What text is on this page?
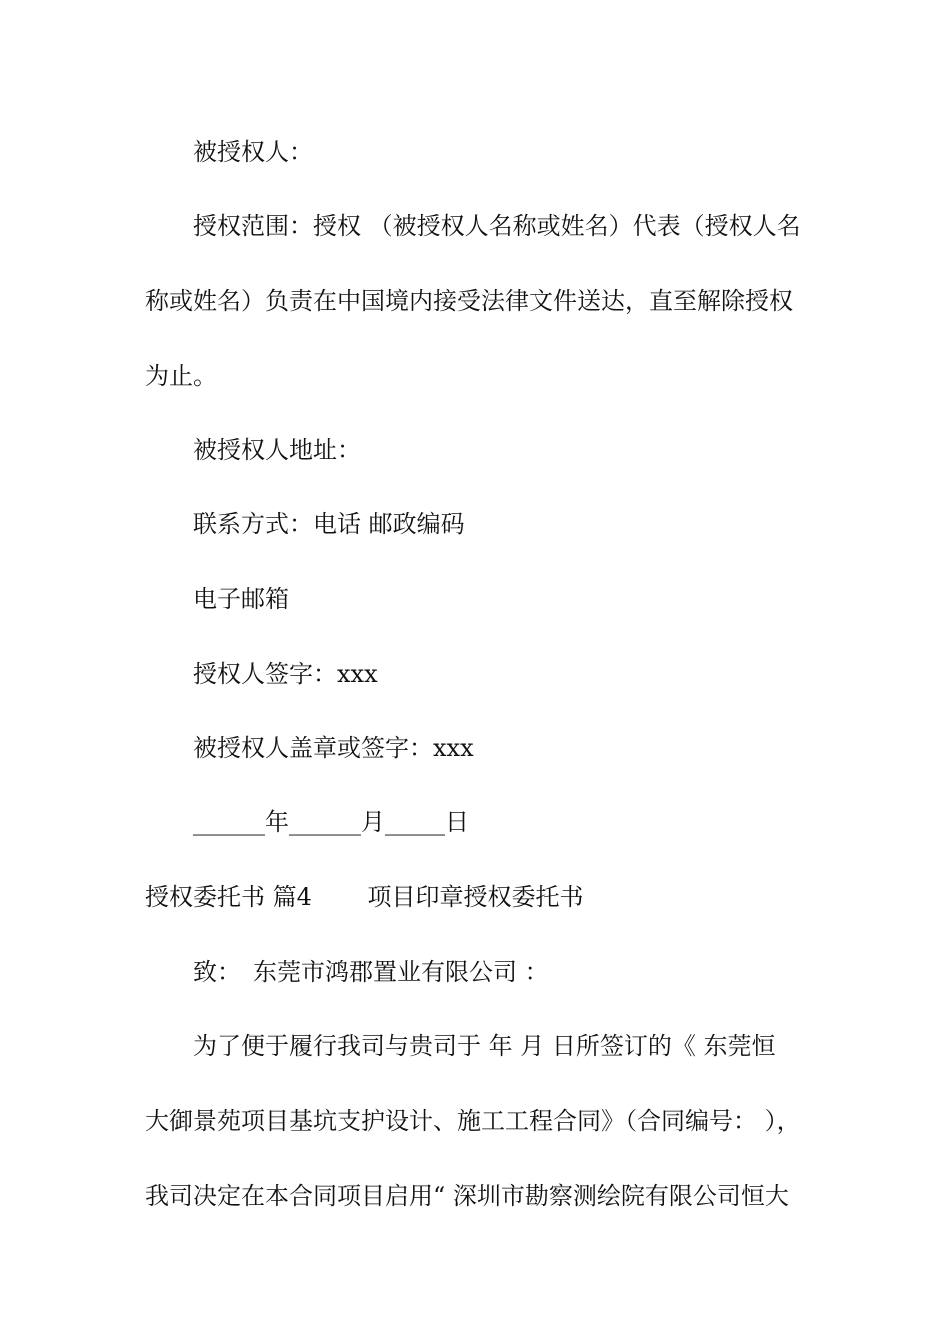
被授权人：
授权范围：授权 （被授权人名称或姓名）代表（授权人名
称或姓名）负责在中国境内接受法律文件送达，直至解除授权
为止。
被授权人地址：
联系方式：电话 邮政编码
电子邮箱
授权人签字：xxx
被授权人盖章或签字：xxx
______年______月_____日
授权委托书 篇4 　　项目印章授权委托书
致：　东莞市鸿郡置业有限公司 ：
为了便于履行我司与贵司于 年 月 日所签订的《 东莞恒
大御景苑项目基坑支护设计、施工工程合同》（合同编号： ），
我司决定在本合同项目启用“ 深圳市勘察测绘院有限公司恒大
